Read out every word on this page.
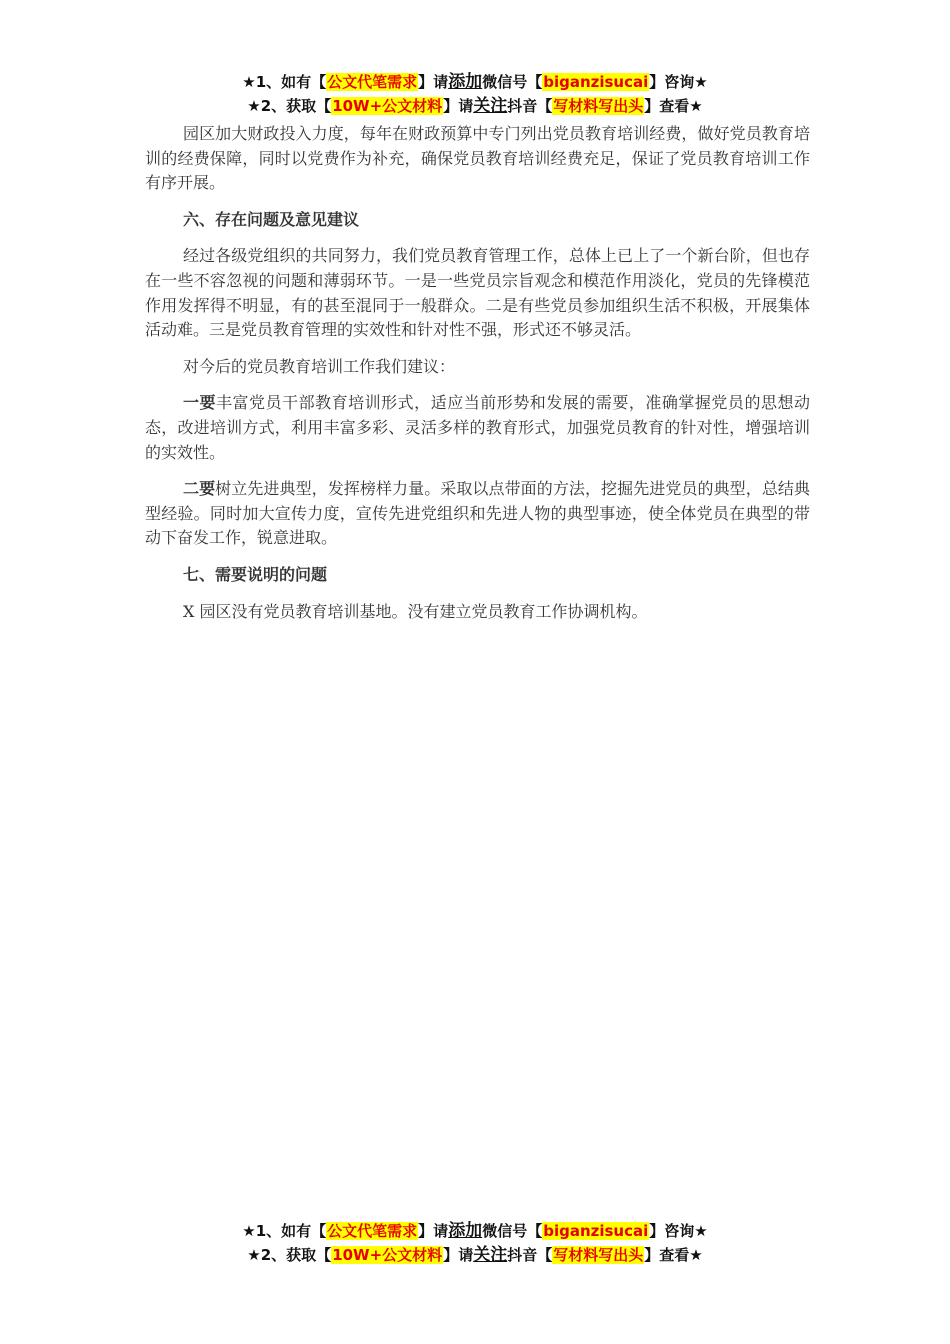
★1、如有【公文代笔需求】请添加微信号【biganzisucai】咨询★
★2、获取【10W+公文材料】请关注抖音【写材料写出头】查看★

园区加大财政投入力度，每年在财政预算中专门列出党员教育培训经费，做好党员教育培训的经费保障，同时以党费作为补充，确保党员教育培训经费充足，保证了党员教育培训工作有序开展。

六、存在问题及意见建议

经过各级党组织的共同努力，我们党员教育管理工作，总体上已上了一个新台阶，但也存在一些不容忽视的问题和薄弱环节。一是一些党员宗旨观念和模范作用淡化，党员的先锋模范作用发挥得不明显，有的甚至混同于一般群众。二是有些党员参加组织生活不积极，开展集体活动难。三是党员教育管理的实效性和针对性不强，形式还不够灵活。

对今后的党员教育培训工作我们建议：

一要丰富党员干部教育培训形式，适应当前形势和发展的需要，准确掌握党员的思想动态，改进培训方式，利用丰富多彩、灵活多样的教育形式，加强党员教育的针对性，增强培训的实效性。

二要树立先进典型，发挥榜样力量。采取以点带面的方法，挖掘先进党员的典型，总结典型经验。同时加大宣传力度，宣传先进党组织和先进人物的典型事迹，使全体党员在典型的带动下奋发工作，锐意进取。

七、需要说明的问题

X 园区没有党员教育培训基地。没有建立党员教育工作协调机构。

★1、如有【公文代笔需求】请添加微信号【biganzisucai】咨询★
★2、获取【10W+公文材料】请关注抖音【写材料写出头】查看★
